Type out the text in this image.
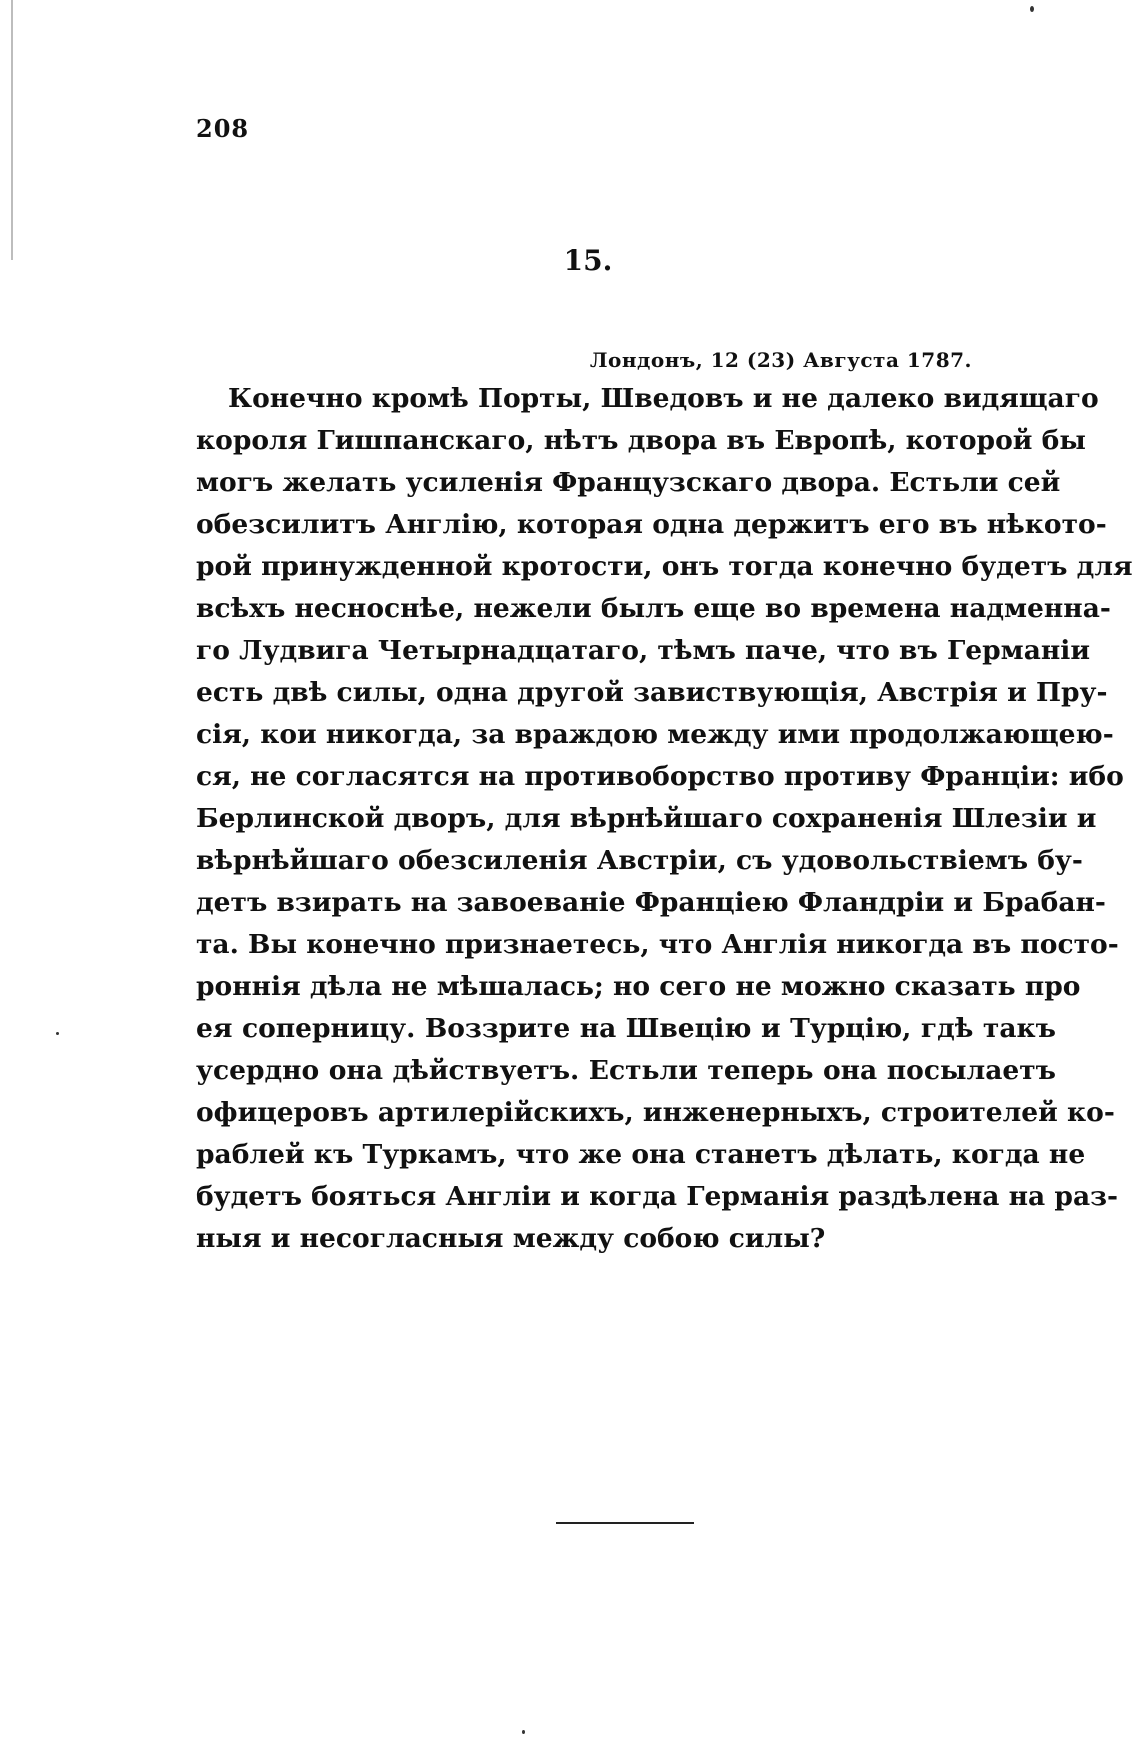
208
15.
Лондонъ, 12 (23) Августа 1787.
Конечно кромѣ Порты, Шведовъ и не далеко видящаго
короля Гишпанскаго, нѣтъ двора въ Европѣ, которой бы
могъ желать усиленія Французскаго двора. Естьли сей
обезсилитъ Англію, которая одна держитъ его въ нѣкото-
рой принужденной кротости, онъ тогда конечно будетъ для
всѣхъ несноснѣе, нежели былъ еще во времена надменна-
го Лудвига Четырнадцатаго, тѣмъ паче, что въ Германіи
есть двѣ силы, одна другой завиствующія, Австрія и Пру-
сія, кои никогда, за враждою между ими продолжающею-
ся, не согласятся на противоборство противу Франціи: ибо
Берлинской дворъ, для вѣрнѣйшаго сохраненія Шлезіи и
вѣрнѣйшаго обезсиленія Австріи, съ удовольствіемъ бу-
детъ взирать на завоеваніе Франціею Фландріи и Брабан-
та. Вы конечно признаетесь, что Англія никогда въ посто-
роннія дѣла не мѣшалась; но сего не можно сказать про
ея соперницу. Воззрите на Швецію и Турцію, гдѣ такъ
усердно она дѣйствуетъ. Естьли теперь она посылаетъ
офицеровъ артилерійскихъ, инженерныхъ, строителей ко-
раблей къ Туркамъ, что же она станетъ дѣлать, когда не
будетъ бояться Англіи и когда Германія раздѣлена на раз-
ныя и несогласныя между собою силы?
